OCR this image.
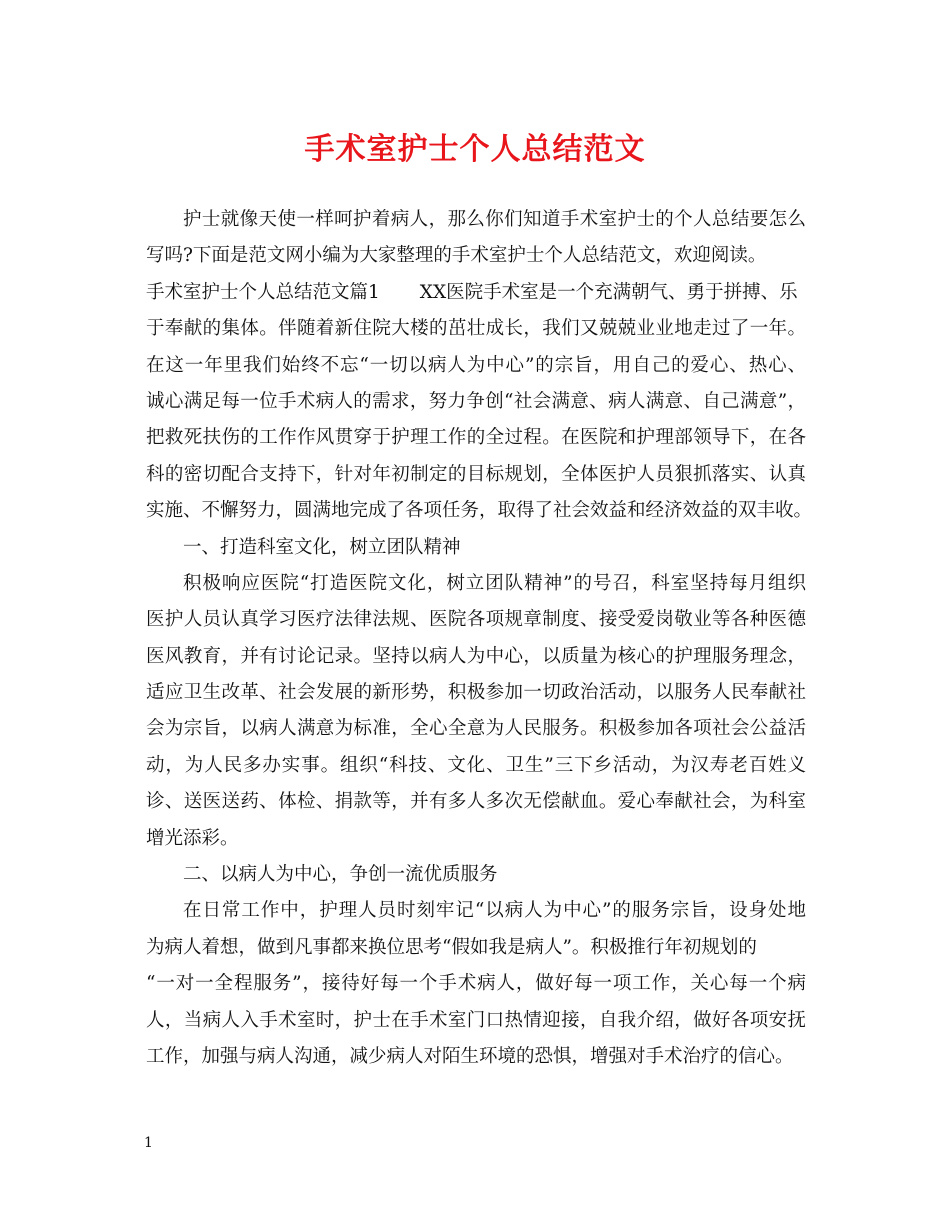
手术室护士个人总结范文

护士就像天使一样呵护着病人，那么你们知道手术室护士的个人总结要怎么
写吗?下面是范文网小编为大家整理的手术室护士个人总结范文，欢迎阅读。

手术室护士个人总结范文篇1 XX医院手术室是一个充满朝气、勇于拼搏、乐
于奉献的集体。伴随着新住院大楼的茁壮成长，我们又兢兢业业地走过了一年。
在这一年里我们始终不忘“一切以病人为中心”的宗旨，用自己的爱心、热心、
诚心满足每一位手术病人的需求，努力争创“社会满意、病人满意、自己满意”，
把救死扶伤的工作作风贯穿于护理工作的全过程。在医院和护理部领导下，在各
科的密切配合支持下，针对年初制定的目标规划，全体医护人员狠抓落实、认真
实施、不懈努力，圆满地完成了各项任务，取得了社会效益和经济效益的双丰收。

一、打造科室文化，树立团队精神
积极响应医院“打造医院文化，树立团队精神”的号召，科室坚持每月组织
医护人员认真学习医疗法律法规、医院各项规章制度、接受爱岗敬业等各种医德
医风教育，并有讨论记录。坚持以病人为中心，以质量为核心的护理服务理念，
适应卫生改革、社会发展的新形势，积极参加一切政治活动，以服务人民奉献社
会为宗旨，以病人满意为标准，全心全意为人民服务。积极参加各项社会公益活
动，为人民多办实事。组织“科技、文化、卫生”三下乡活动，为汉寿老百姓义
诊、送医送药、体检、捐款等，并有多人多次无偿献血。爱心奉献社会，为科室
增光添彩。

二、以病人为中心，争创一流优质服务
在日常工作中，护理人员时刻牢记“以病人为中心”的服务宗旨，设身处地
为病人着想，做到凡事都来换位思考“假如我是病人”。积极推行年初规划的
“一对一全程服务”，接待好每一个手术病人，做好每一项工作，关心每一个病
人，当病人入手术室时，护士在手术室门口热情迎接，自我介绍，做好各项安抚
工作，加强与病人沟通，减少病人对陌生环境的恐惧，增强对手术治疗的信心。

1
